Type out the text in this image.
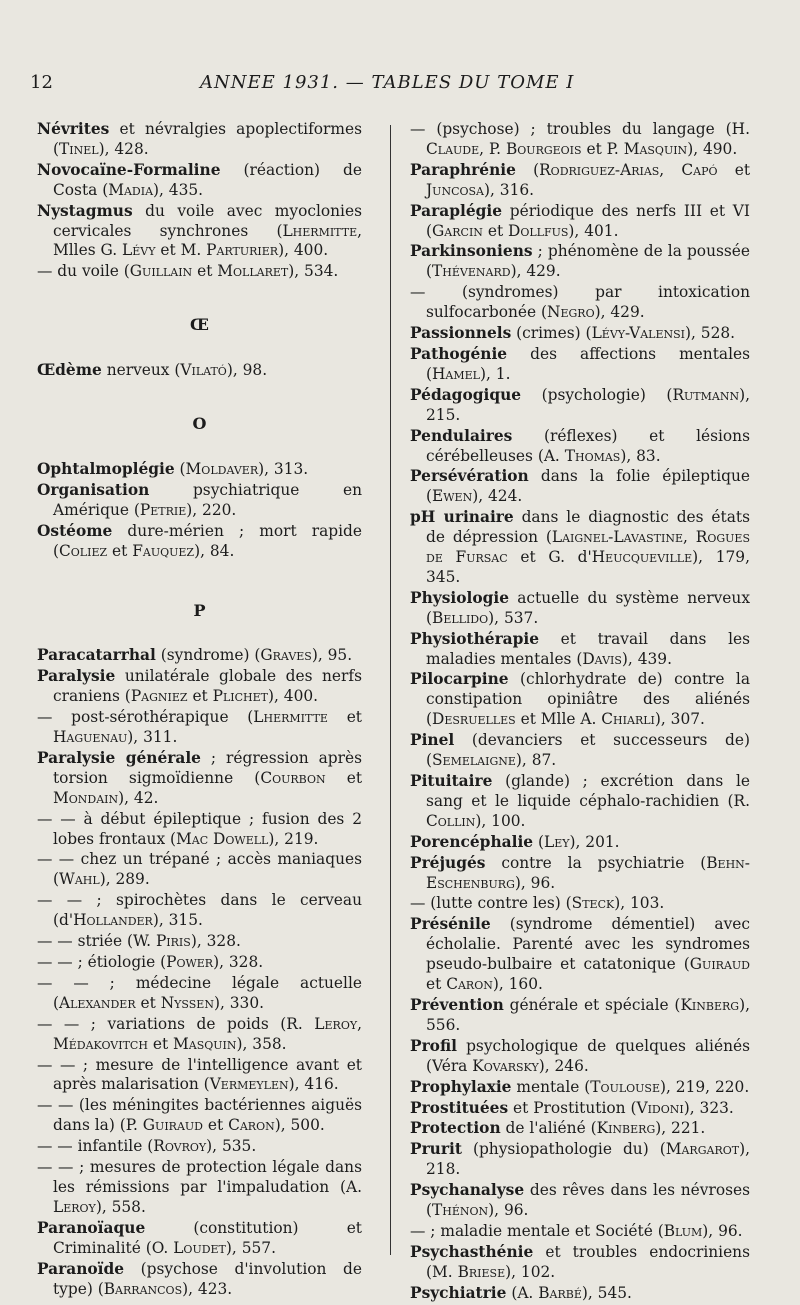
12	ANNEE 1931. — TABLES DU TOME I

Névrites et névralgies apoplectiformes (Tinel), 428.

Novocaïne-Formaline (réaction) de Costa (Madia), 435.

Nystagmus du voile avec myoclonies cervicales synchrones (Lhermitte, Mlles G. Lévy et M. Parturier), 400.

— du voile (Guillain et Mollaret), 534.

Œ

Œdème nerveux (Vilató), 98.

O

Ophtalmoplégie (Moldaver), 313.

Organisation psychiatrique en Amérique (Petrie), 220.

Ostéome dure-mérien ; mort rapide (Coliez et Fauquez), 84.

P

Paracatarrhal (syndrome) (Graves), 95.

Paralysie unilatérale globale des nerfs craniens (Pagniez et Plichet), 400.

— post-sérothérapique (Lhermitte et Haguenau), 311.

Paralysie générale ; régression après torsion sigmoïdienne (Courbon et Mondain), 42.

— — à début épileptique ; fusion des 2 lobes frontaux (Mac Dowell), 219.

— — chez un trépané ; accès maniaques (Wahl), 289.

— — ; spirochètes dans le cerveau (d'Hollander), 315.

— — striée (W. Piris), 328.

— — ; étiologie (Power), 328.

— — ; médecine légale actuelle (Alexander et Nyssen), 330.

— — ; variations de poids (R. Leroy, Médakovitch et Masquin), 358.

— — ; mesure de l'intelligence avant et après malarisation (Vermeylen), 416.

— — (les méningites bactériennes aiguës dans la) (P. Guiraud et Caron), 500.

— — infantile (Rovroy), 535.

— — ; mesures de protection légale dans les rémissions par l'impaludation (A. Leroy), 558.

Paranoïaque (constitution) et Criminalité (O. Loudet), 557.

Paranoïde (psychose d'involution de type) (Barrancos), 423.

— (psychose) ; troubles du langage (H. Claude, P. Bourgeois et P. Masquin), 490.

Paraphrénie (Rodriguez-Arias, Capó et Juncosa), 316.

Paraplégie périodique des nerfs III et VI (Garcin et Dollfus), 401.

Parkinsoniens ; phénomène de la poussée (Thévenard), 429.

— (syndromes) par intoxication sulfocarbonée (Negro), 429.

Passionnels (crimes) (Lévy-Valensi), 528.

Pathogénie des affections mentales (Hamel), 1.

Pédagogique (psychologie) (Rutmann), 215.

Pendulaires (réflexes) et lésions cérébelleuses (A. Thomas), 83.

Persévération dans la folie épileptique (Ewen), 424.

pH urinaire dans le diagnostic des états de dépression (Laignel-Lavastine, Rogues de Fursac et G. d'Heucqueville), 179, 345.

Physiologie actuelle du système nerveux (Bellido), 537.

Physiothérapie et travail dans les maladies mentales (Davis), 439.

Pilocarpine (chlorhydrate de) contre la constipation opiniâtre des aliénés (Desruelles et Mlle A. Chiarli), 307.

Pinel (devanciers et successeurs de) (Semelaigne), 87.

Pituitaire (glande) ; excrétion dans le sang et le liquide céphalo-rachidien (R. Collin), 100.

Porencéphalie (Ley), 201.

Préjugés contre la psychiatrie (Behn-Eschenburg), 96.

— (lutte contre les) (Steck), 103.

Présénile (syndrome démentiel) avec écholalie. Parenté avec les syndromes pseudo-bulbaire et catatonique (Guiraud et Caron), 160.

Prévention générale et spéciale (Kinberg), 556.

Profil psychologique de quelques aliénés (Véra Kovarsky), 246.

Prophylaxie mentale (Toulouse), 219, 220.

Prostituées et Prostitution (Vidoni), 323.

Protection de l'aliéné (Kinberg), 221.

Prurit (physiopathologie du) (Margarot), 218.

Psychanalyse des rêves dans les névroses (Thénon), 96.

— ; maladie mentale et Société (Blum), 96.

Psychasthénie et troubles endocriniens (M. Briese), 102.

Psychiatrie (A. Barbé), 545.
